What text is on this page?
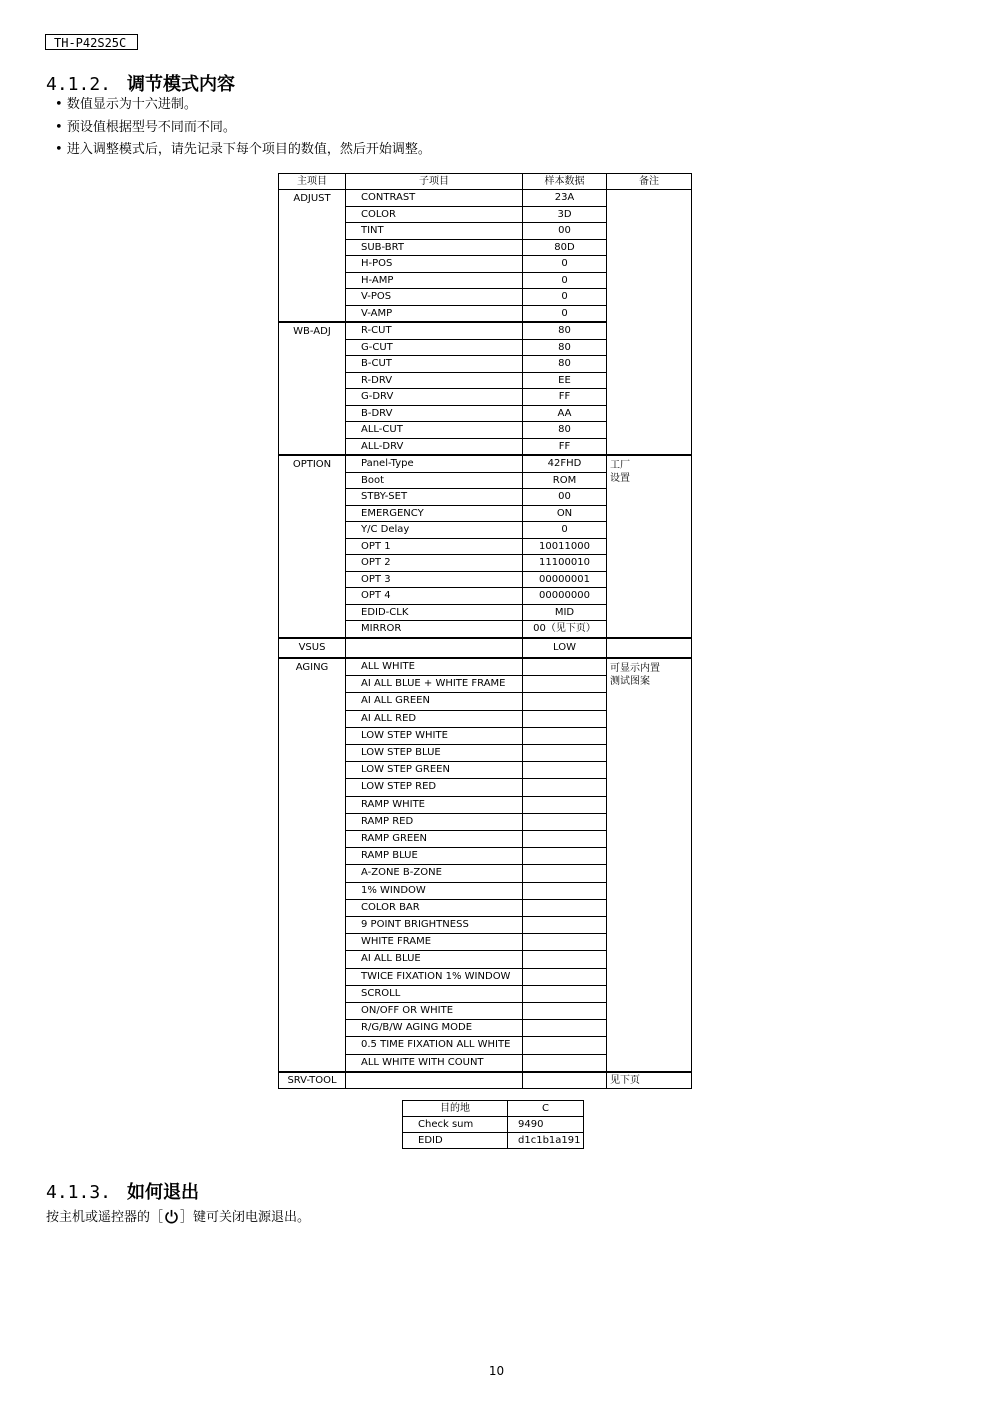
TH-P42S25C
4.1.2. 调节模式内容
• 数值显示为十六进制。
• 预设值根据型号不同而不同。
• 进入调整模式后，请先记录下每个项目的数值，然后开始调整。
主项目	子项目	样本数据	备注
ADJUST	CONTRAST	23A	
	COLOR	3D	
	TINT	00	
	SUB-BRT	80D	
	H-POS	0	
	H-AMP	0	
	V-POS	0	
	V-AMP	0	
WB-ADJ	R-CUT	80	
	G-CUT	80	
	B-CUT	80	
	R-DRV	EE	
	G-DRV	FF	
	B-DRV	AA	
	ALL-CUT	80	
	ALL-DRV	FF	
OPTION	Panel-Type	42FHD	工厂
设置
	Boot	ROM	
	STBY-SET	00	
	EMERGENCY	ON	
	Y/C Delay	0	
	OPT 1	10011000	
	OPT 2	11100010	
	OPT 3	00000001	
	OPT 4	00000000	
	EDID-CLK	MID	
	MIRROR	00（见下页）	
VSUS		LOW	
AGING	ALL WHITE		可显示内置
测试图案
	AI ALL BLUE + WHITE FRAME		
	AI ALL GREEN		
	AI ALL RED		
	LOW STEP WHITE		
	LOW STEP BLUE		
	LOW STEP GREEN		
	LOW STEP RED		
	RAMP WHITE		
	RAMP RED		
	RAMP GREEN		
	RAMP BLUE		
	A-ZONE B-ZONE		
	1% WINDOW		
	COLOR BAR		
	9 POINT BRIGHTNESS		
	WHITE FRAME		
	AI ALL BLUE		
	TWICE FIXATION 1% WINDOW		
	SCROLL		
	ON/OFF OR WHITE		
	R/G/B/W AGING MODE		
	0.5 TIME FIXATION ALL WHITE		
	ALL WHITE WITH COUNT		
SRV-TOOL			见下页
目的地	C
Check sum	9490
EDID	d1c1b1a191
4.1.3. 如何退出
按主机或遥控器的［ ］键可关闭电源退出。
10
